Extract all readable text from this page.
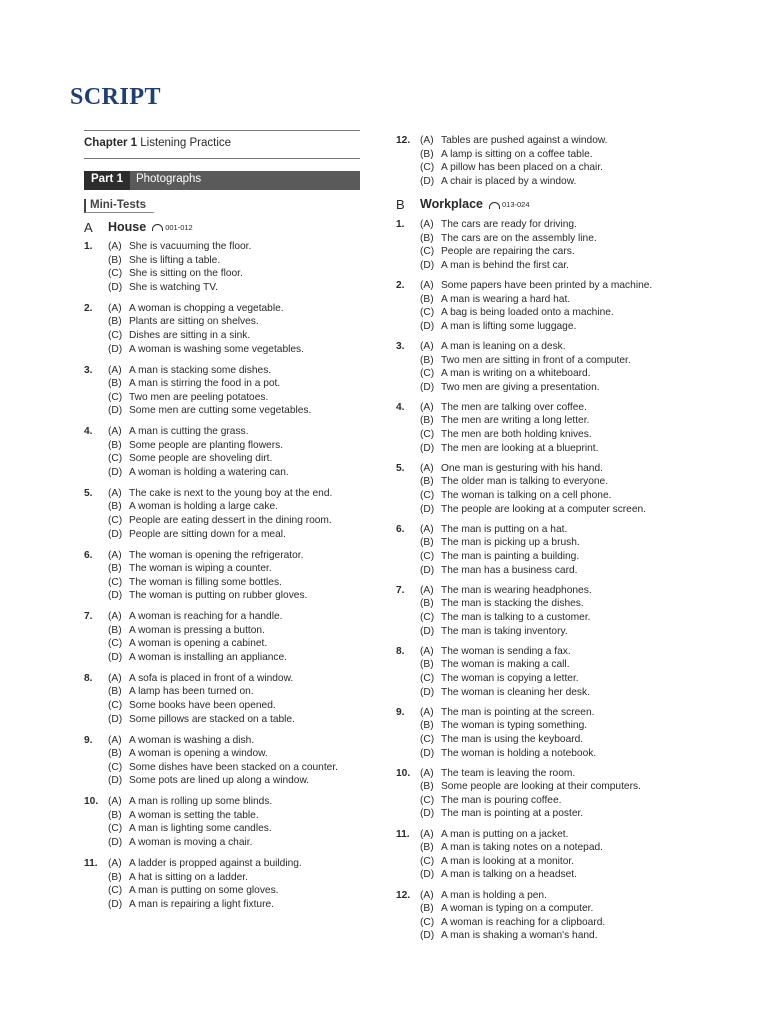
SCRIPT
Chapter 1 Listening Practice
Part 1	Photographs
Mini-Tests
A	House	001-012
1.	(A) She is vacuuming the floor.
(B) She is lifting a table.
(C) She is sitting on the floor.
(D) She is watching TV.
2.	(A) A woman is chopping a vegetable.
(B) Plants are sitting on shelves.
(C) Dishes are sitting in a sink.
(D) A woman is washing some vegetables.
3.	(A) A man is stacking some dishes.
(B) A man is stirring the food in a pot.
(C) Two men are peeling potatoes.
(D) Some men are cutting some vegetables.
4.	(A) A man is cutting the grass.
(B) Some people are planting flowers.
(C) Some people are shoveling dirt.
(D) A woman is holding a watering can.
5.	(A) The cake is next to the young boy at the end.
(B) A woman is holding a large cake.
(C) People are eating dessert in the dining room.
(D) People are sitting down for a meal.
6.	(A) The woman is opening the refrigerator.
(B) The woman is wiping a counter.
(C) The woman is filling some bottles.
(D) The woman is putting on rubber gloves.
7.	(A) A woman is reaching for a handle.
(B) A woman is pressing a button.
(C) A woman is opening a cabinet.
(D) A woman is installing an appliance.
8.	(A) A sofa is placed in front of a window.
(B) A lamp has been turned on.
(C) Some books have been opened.
(D) Some pillows are stacked on a table.
9.	(A) A woman is washing a dish.
(B) A woman is opening a window.
(C) Some dishes have been stacked on a counter.
(D) Some pots are lined up along a window.
10. (A) A man is rolling up some blinds.
(B) A woman is setting the table.
(C) A man is lighting some candles.
(D) A woman is moving a chair.
11.	(A) A ladder is propped against a building.
(B) A hat is sitting on a ladder.
(C) A man is putting on some gloves.
(D) A man is repairing a light fixture.
12. (A) Tables are pushed against a window.
(B) A lamp is sitting on a coffee table.
(C) A pillow has been placed on a chair.
(D) A chair is placed by a window.
B	Workplace	013-024
1.	(A) The cars are ready for driving.
(B) The cars are on the assembly line.
(C) People are repairing the cars.
(D) A man is behind the first car.
2.	(A) Some papers have been printed by a machine.
(B) A man is wearing a hard hat.
(C) A bag is being loaded onto a machine.
(D) A man is lifting some luggage.
3.	(A) A man is leaning on a desk.
(B) Two men are sitting in front of a computer.
(C) A man is writing on a whiteboard.
(D) Two men are giving a presentation.
4.	(A) The men are talking over coffee.
(B) The men are writing a long letter.
(C) The men are both holding knives.
(D) The men are looking at a blueprint.
5.	(A) One man is gesturing with his hand.
(B) The older man is talking to everyone.
(C) The woman is talking on a cell phone.
(D) The people are looking at a computer screen.
6.	(A) The man is putting on a hat.
(B) The man is picking up a brush.
(C) The man is painting a building.
(D) The man has a business card.
7.	(A) The man is wearing headphones.
(B) The man is stacking the dishes.
(C) The man is talking to a customer.
(D) The man is taking inventory.
8.	(A) The woman is sending a fax.
(B) The woman is making a call.
(C) The woman is copying a letter.
(D) The woman is cleaning her desk.
9.	(A) The man is pointing at the screen.
(B) The woman is typing something.
(C) The man is using the keyboard.
(D) The woman is holding a notebook.
10. (A) The team is leaving the room.
(B) Some people are looking at their computers.
(C) The man is pouring coffee.
(D) The man is pointing at a poster.
11.	(A) A man is putting on a jacket.
(B) A man is taking notes on a notepad.
(C) A man is looking at a monitor.
(D) A man is talking on a headset.
12. (A) A man is holding a pen.
(B) A woman is typing on a computer.
(C) A woman is reaching for a clipboard.
(D) A man is shaking a woman's hand.
